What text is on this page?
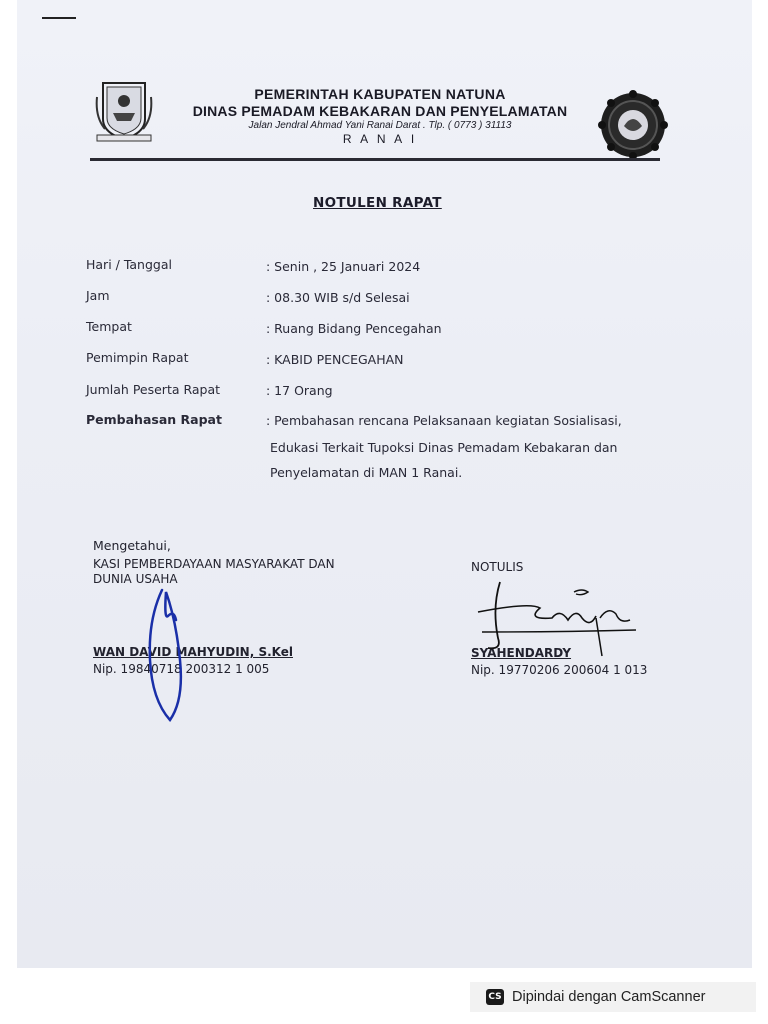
PEMERINTAH KABUPATEN NATUNA
DINAS PEMADAM KEBAKARAN DAN PENYELAMATAN
Jalan Jendral Ahmad Yani Ranai Darat . Tlp. ( 0773 ) 31113
R A N A I
NOTULEN RAPAT
Hari / Tanggal	: Senin , 25 Januari 2024
Jam	: 08.30 WIB s/d Selesai
Tempat	: Ruang Bidang Pencegahan
Pemimpin Rapat	: KABID PENCEGAHAN
Jumlah Peserta Rapat	: 17 Orang
Pembahasan Rapat	: Pembahasan rencana Pelaksanaan kegiatan Sosialisasi,
Edukasi Terkait Tupoksi Dinas Pemadam Kebakaran dan
Penyelamatan di MAN 1 Ranai.
Mengetahui,
KASI PEMBERDAYAAN MASYARAKAT DAN
DUNIA USAHA
WAN DAVID MAHYUDIN, S.Kel
Nip. 19840718 200312 1 005
NOTULIS
SYAHENDARDY
Nip. 19770206 200604 1 013
CS Dipindai dengan CamScanner
